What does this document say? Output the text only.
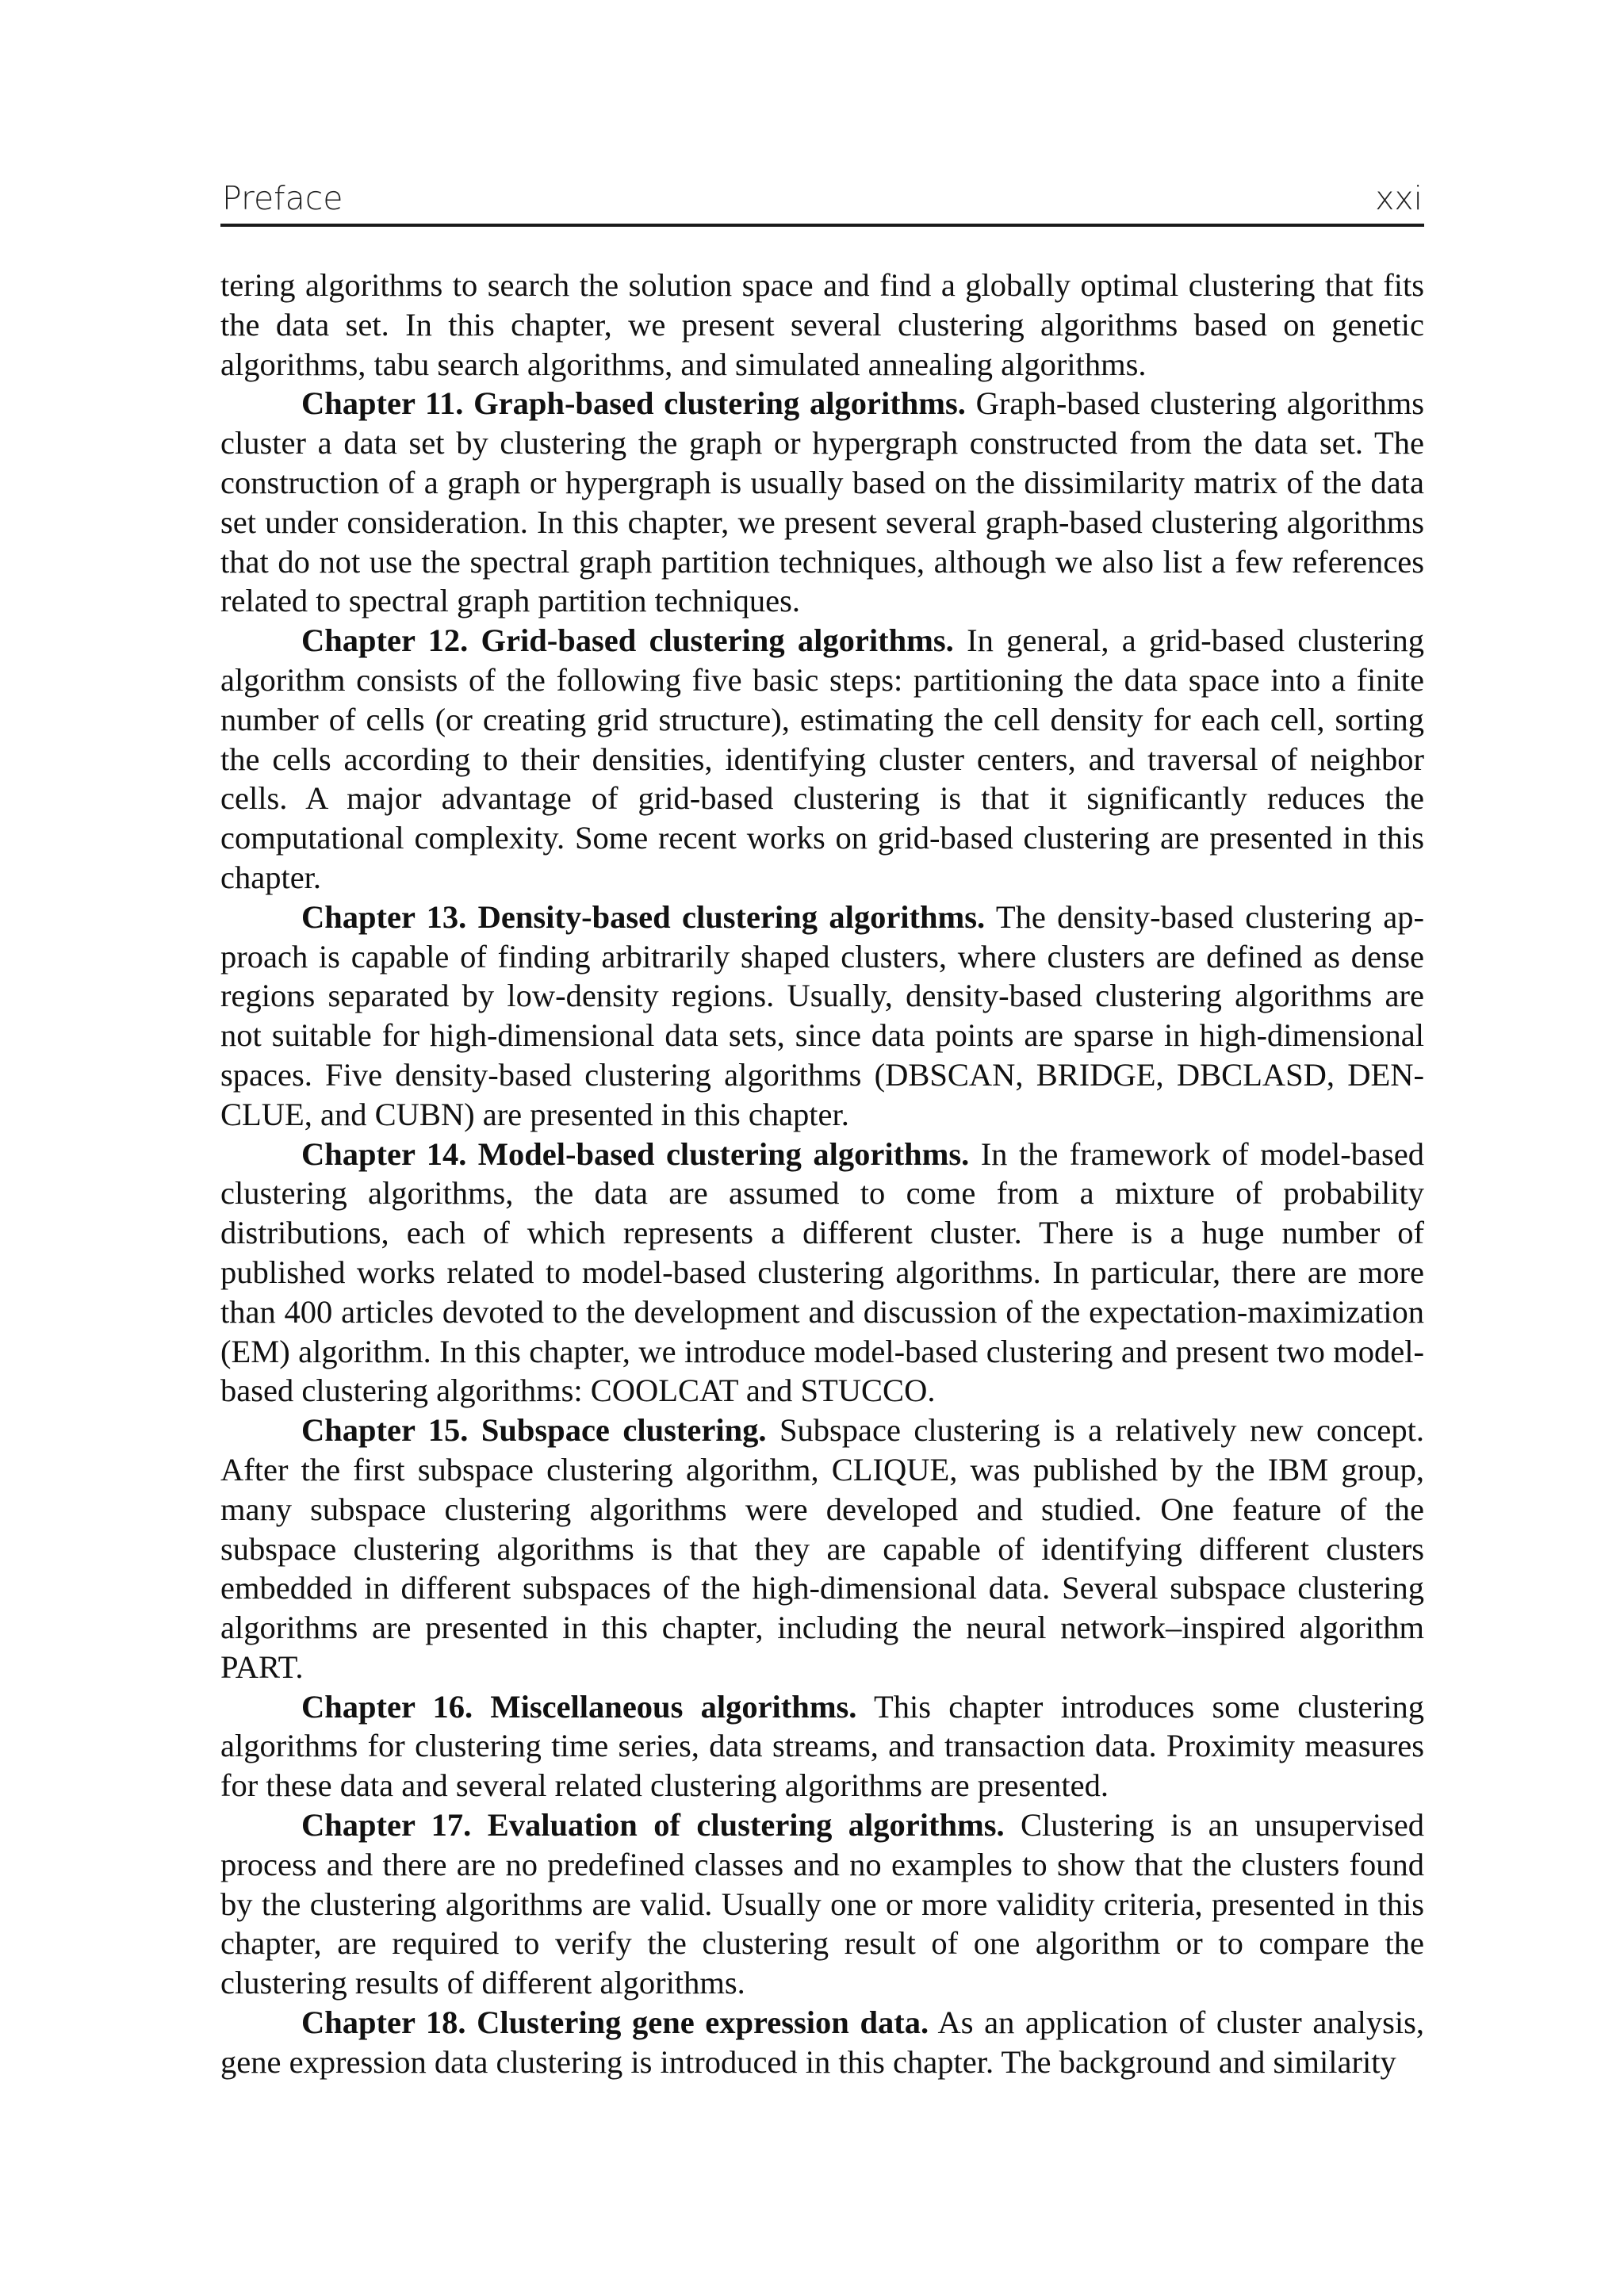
Preface	xxi

tering algorithms to search the solution space and find a globally optimal clustering that fits the data set. In this chapter, we present several clustering algorithms based on genetic algorithms, tabu search algorithms, and simulated annealing algorithms.

Chapter 11. Graph-based clustering algorithms. Graph-based clustering algorithms cluster a data set by clustering the graph or hypergraph constructed from the data set. The construction of a graph or hypergraph is usually based on the dissimilarity matrix of the data set under consideration. In this chapter, we present several graph-based clustering algorithms that do not use the spectral graph partition techniques, although we also list a few references related to spectral graph partition techniques.

Chapter 12. Grid-based clustering algorithms. In general, a grid-based clustering algorithm consists of the following five basic steps: partitioning the data space into a finite number of cells (or creating grid structure), estimating the cell density for each cell, sorting the cells according to their densities, identifying cluster centers, and traversal of neighbor cells. A major advantage of grid-based clustering is that it significantly reduces the computational complexity. Some recent works on grid-based clustering are presented in this chapter.

Chapter 13. Density-based clustering algorithms. The density-based clustering approach is capable of finding arbitrarily shaped clusters, where clusters are defined as dense regions separated by low-density regions. Usually, density-based clustering algorithms are not suitable for high-dimensional data sets, since data points are sparse in high-dimensional spaces. Five density-based clustering algorithms (DBSCAN, BRIDGE, DBCLASD, DENCLUE, and CUBN) are presented in this chapter.

Chapter 14. Model-based clustering algorithms. In the framework of model-based clustering algorithms, the data are assumed to come from a mixture of probability distributions, each of which represents a different cluster. There is a huge number of published works related to model-based clustering algorithms. In particular, there are more than 400 articles devoted to the development and discussion of the expectation-maximization (EM) algorithm. In this chapter, we introduce model-based clustering and present two model-based clustering algorithms: COOLCAT and STUCCO.

Chapter 15. Subspace clustering. Subspace clustering is a relatively new concept. After the first subspace clustering algorithm, CLIQUE, was published by the IBM group, many subspace clustering algorithms were developed and studied. One feature of the subspace clustering algorithms is that they are capable of identifying different clusters embedded in different subspaces of the high-dimensional data. Several subspace clustering algorithms are presented in this chapter, including the neural network–inspired algorithm PART.

Chapter 16. Miscellaneous algorithms. This chapter introduces some clustering algorithms for clustering time series, data streams, and transaction data. Proximity measures for these data and several related clustering algorithms are presented.

Chapter 17. Evaluation of clustering algorithms. Clustering is an unsupervised process and there are no predefined classes and no examples to show that the clusters found by the clustering algorithms are valid. Usually one or more validity criteria, presented in this chapter, are required to verify the clustering result of one algorithm or to compare the clustering results of different algorithms.

Chapter 18. Clustering gene expression data. As an application of cluster analysis, gene expression data clustering is introduced in this chapter. The background and similarity
